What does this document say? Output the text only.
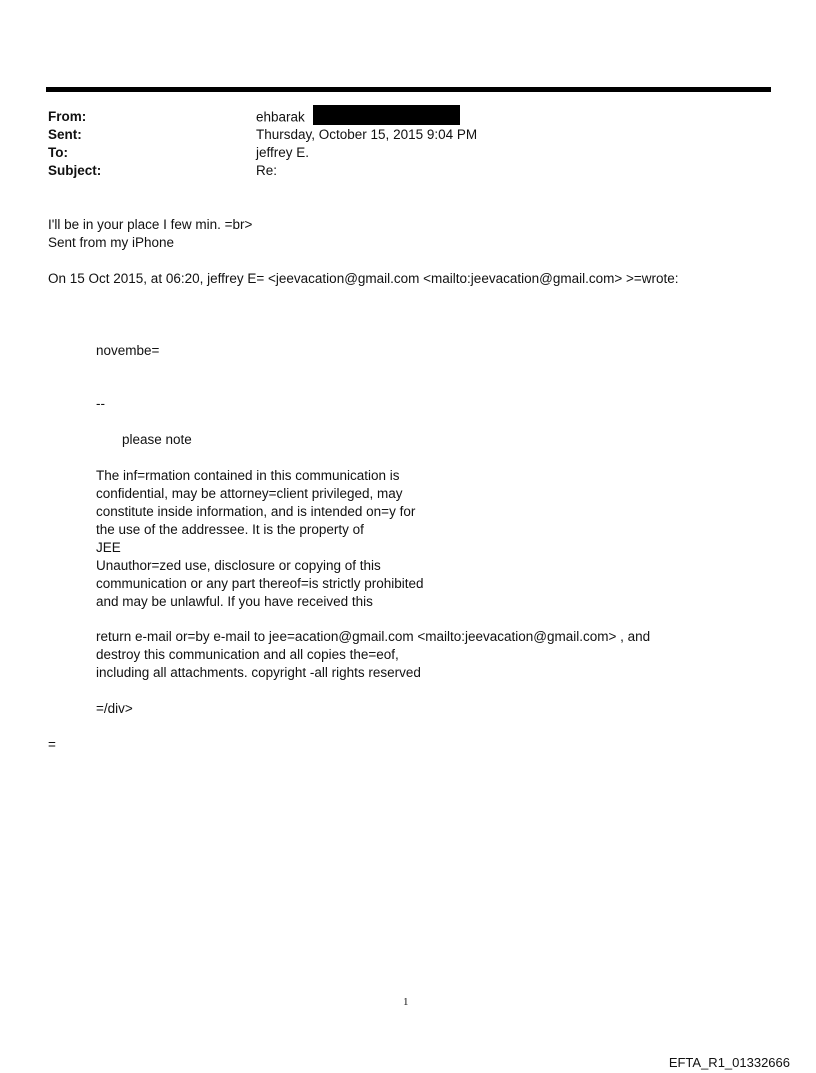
From:	ehbarak
Sent:	Thursday, October 15, 2015 9:04 PM
To:	jeffrey E.
Subject:	Re:
I'll be in your place I few min. =br>
Sent from my iPhone
On 15 Oct 2015, at 06:20, jeffrey E= <jeevacation@gmail.com <mailto:jeevacation@gmail.com> >=wrote:
novembe=
--
please note
The inf=rmation contained in this communication is
confidential, may be attorney=client privileged, may
constitute inside information, and is intended on=y for
the use of the addressee. It is the property of
JEE
Unauthor=zed use, disclosure or copying of this
communication or any part thereof=is strictly prohibited
and may be unlawful. If you have received this
return e-mail or=by e-mail to jee=acation@gmail.com <mailto:jeevacation@gmail.com> , and
destroy this communication and all copies the=eof,
including all attachments. copyright -all rights reserved
=/div>
=
1
EFTA_R1_01332666
